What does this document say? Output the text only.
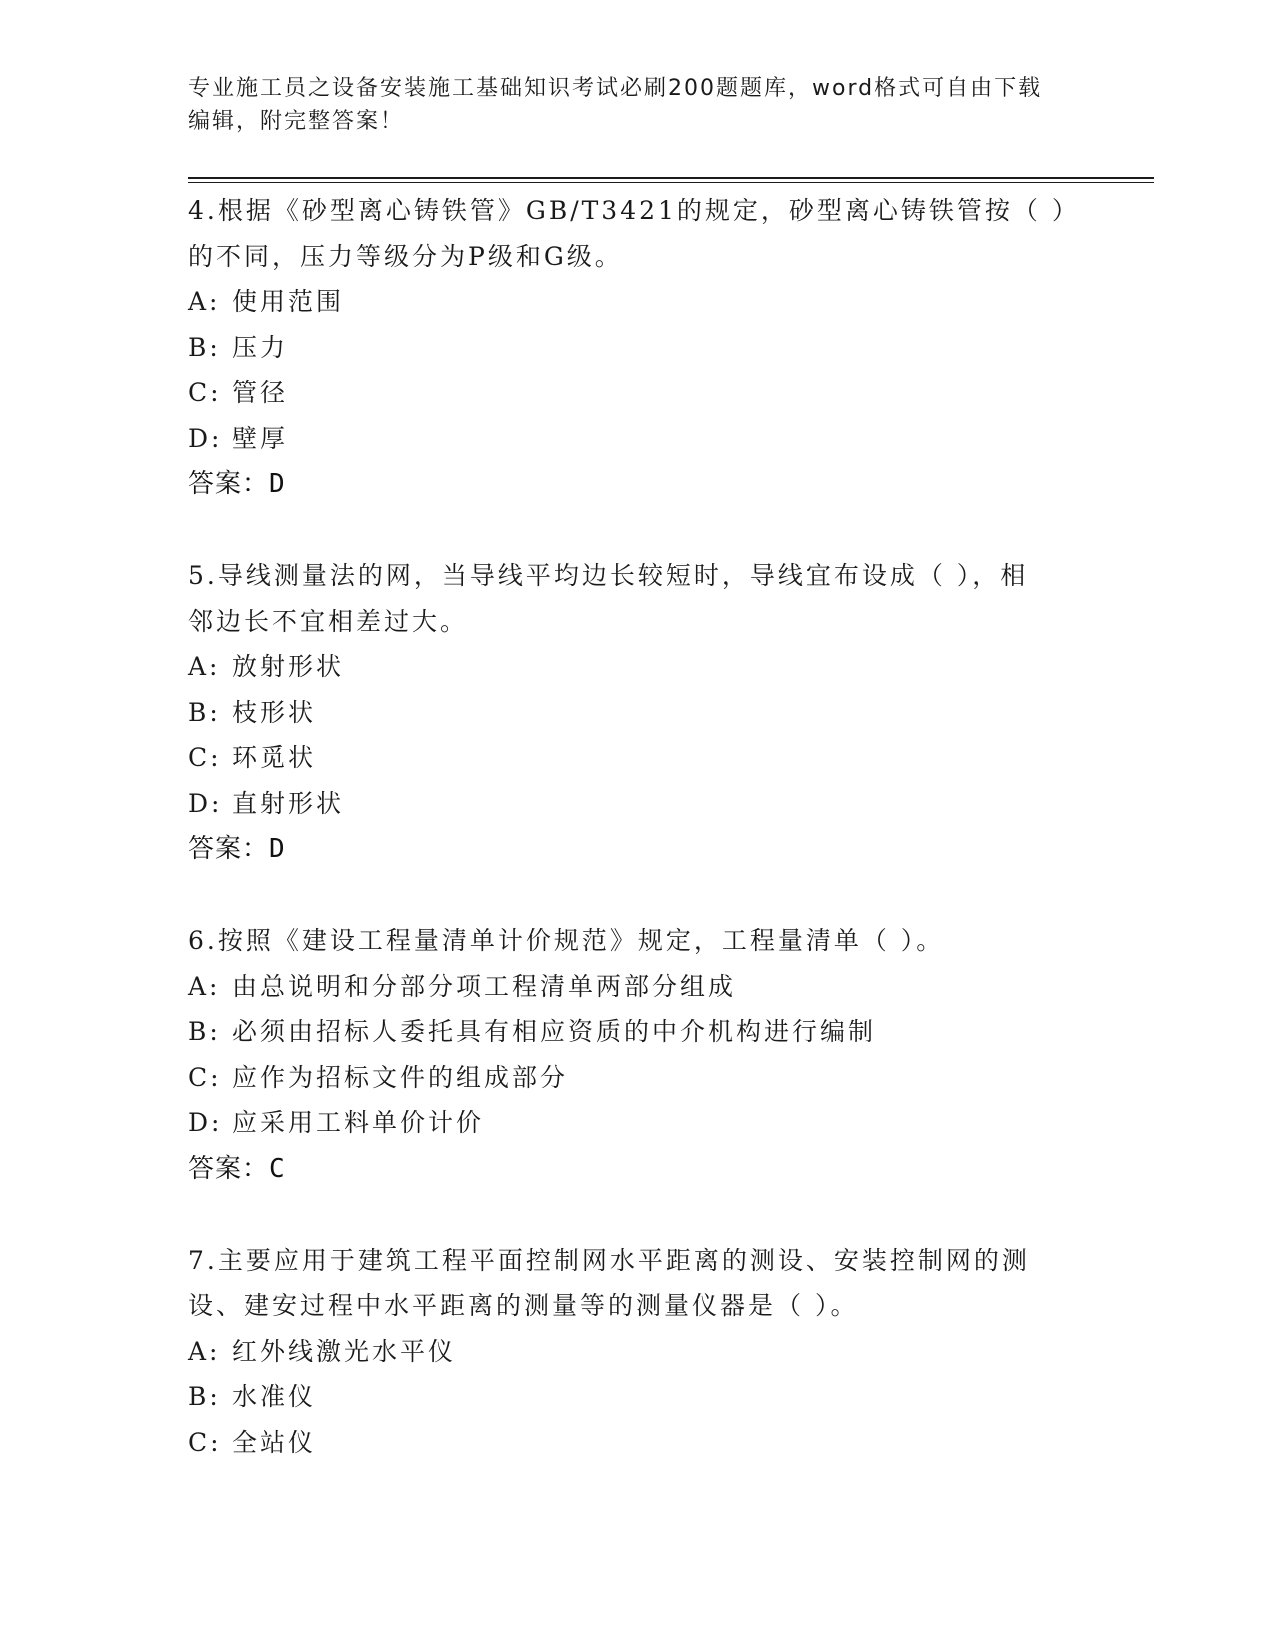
专业施工员之设备安装施工基础知识考试必刷200题题库，word格式可自由下载
编辑，附完整答案！

4.根据《砂型离心铸铁管》GB/T3421的规定，砂型离心铸铁管按（ ）
的不同，压力等级分为P级和G级。

A: 使用范围
B: 压力
C: 管径
D: 壁厚
答案：D

5.导线测量法的网，当导线平均边长较短时，导线宜布设成（ ），相
邻边长不宜相差过大。

A: 放射形状
B: 枝形状
C: 环觅状
D: 直射形状
答案：D

6.按照《建设工程量清单计价规范》规定，工程量清单（ ）。

A: 由总说明和分部分项工程清单两部分组成
B: 必须由招标人委托具有相应资质的中介机构进行编制
C: 应作为招标文件的组成部分
D: 应采用工料单价计价
答案：C

7.主要应用于建筑工程平面控制网水平距离的测设、安装控制网的测
设、建安过程中水平距离的测量等的测量仪器是（ ）。

A: 红外线激光水平仪
B: 水准仪
C: 全站仪
